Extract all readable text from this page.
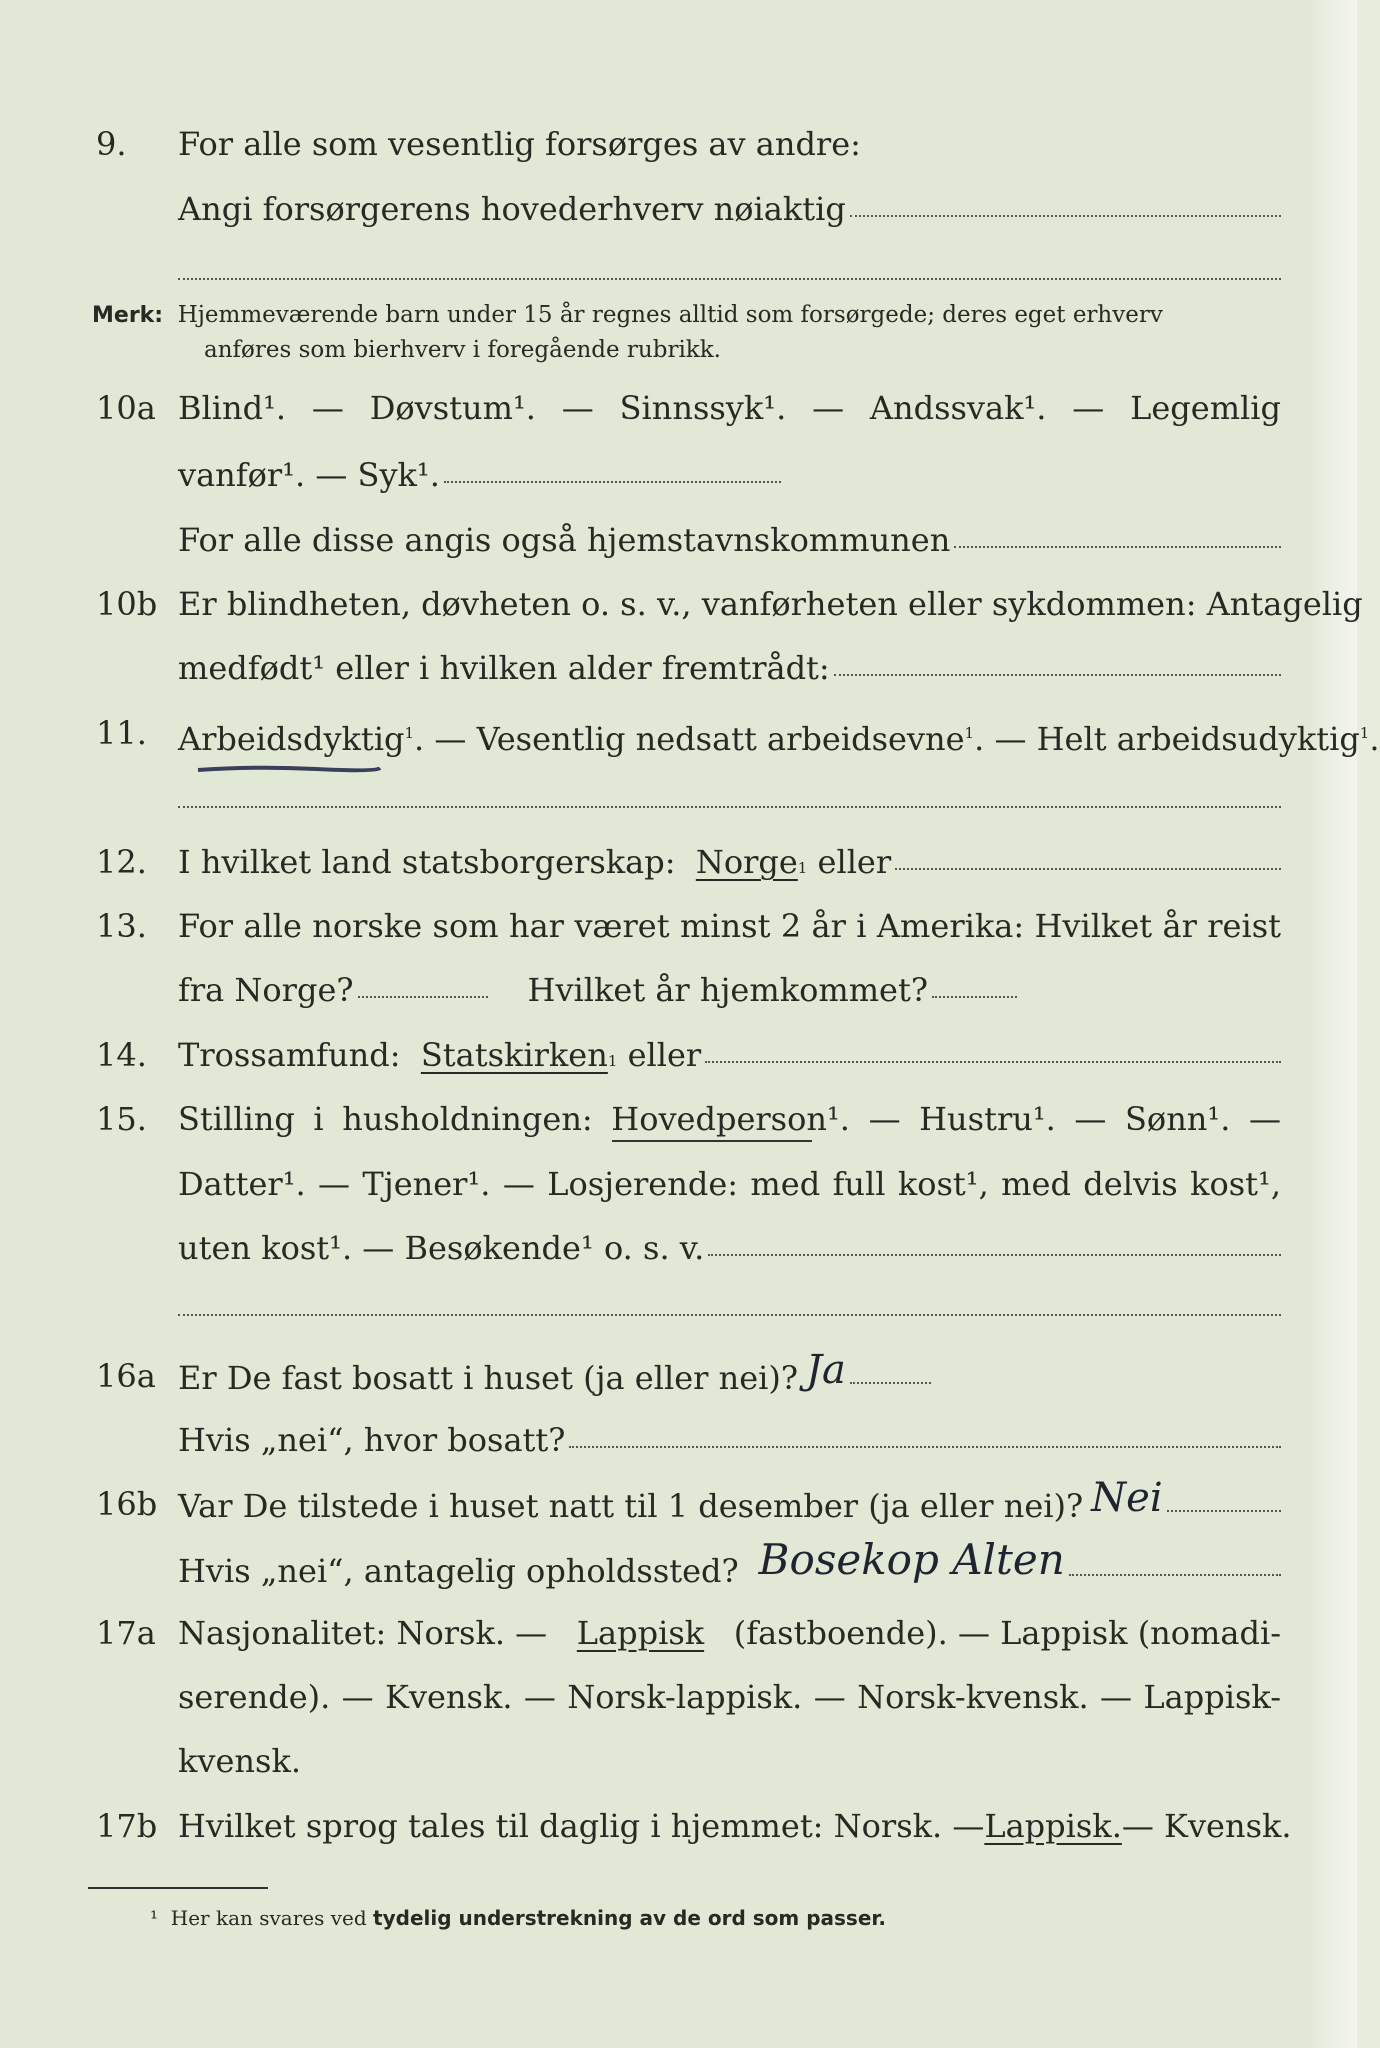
9. For alle som vesentlig forsørges av andre:
Angi forsørgerens hovederhverv nøiaktig
Merk: Hjemmeværende barn under 15 år regnes alltid som forsørgede; deres eget erhverv
anføres som bierhverv i foregående rubrikk.
10a Blind¹. — Døvstum¹. — Sinnssyk¹. — Andssvak¹. — Legemlig
vanfør¹. — Syk¹.
For alle disse angis også hjemstavnskommunen
10b Er blindheten, døvheten o. s. v., vanførheten eller sykdommen: Antagelig
medfødt¹ eller i hvilken alder fremtrådt:
11. Arbeidsdyktig$^1$. — Vesentlig nedsatt arbeidsevne$^1$. — Helt arbeidsudyktig$^1$.
12. I hvilket land statsborgerskap:
Norge 1
eller
13. For alle norske som har været minst 2 år i Amerika: Hvilket år reist
fra Norge?	Hvilket år hjemkommet?
14. Trossamfund:
Statskirken 1
eller
15. Stilling i husholdningen: Hovedperson¹. — Hustru¹. — Sønn¹. —
Datter¹. — Tjener¹. — Losjerende: med full kost¹, med delvis kost¹,
uten kost¹. — Besøkende¹ o. s. v.
16a Er De fast bosatt i huset (ja eller nei)? Ja
Hvis „nei“, hvor bosatt?
16b Var De tilstede i huset natt til 1 desember (ja eller nei)? Nei
Hvis „nei“, antagelig opholdssted? Bosekop Alten
17a Nasjonalitet: Norsk. — Lappisk (fastboende). — Lappisk (nomadi-
serende). — Kvensk. — Norsk-lappisk. — Norsk-kvensk. — Lappisk-
kvensk.
17b Hvilket sprog tales til daglig i hjemmet: Norsk. — Lappisk. — Kvensk.
¹ Her kan svares ved tydelig understrekning av de ord som passer.
